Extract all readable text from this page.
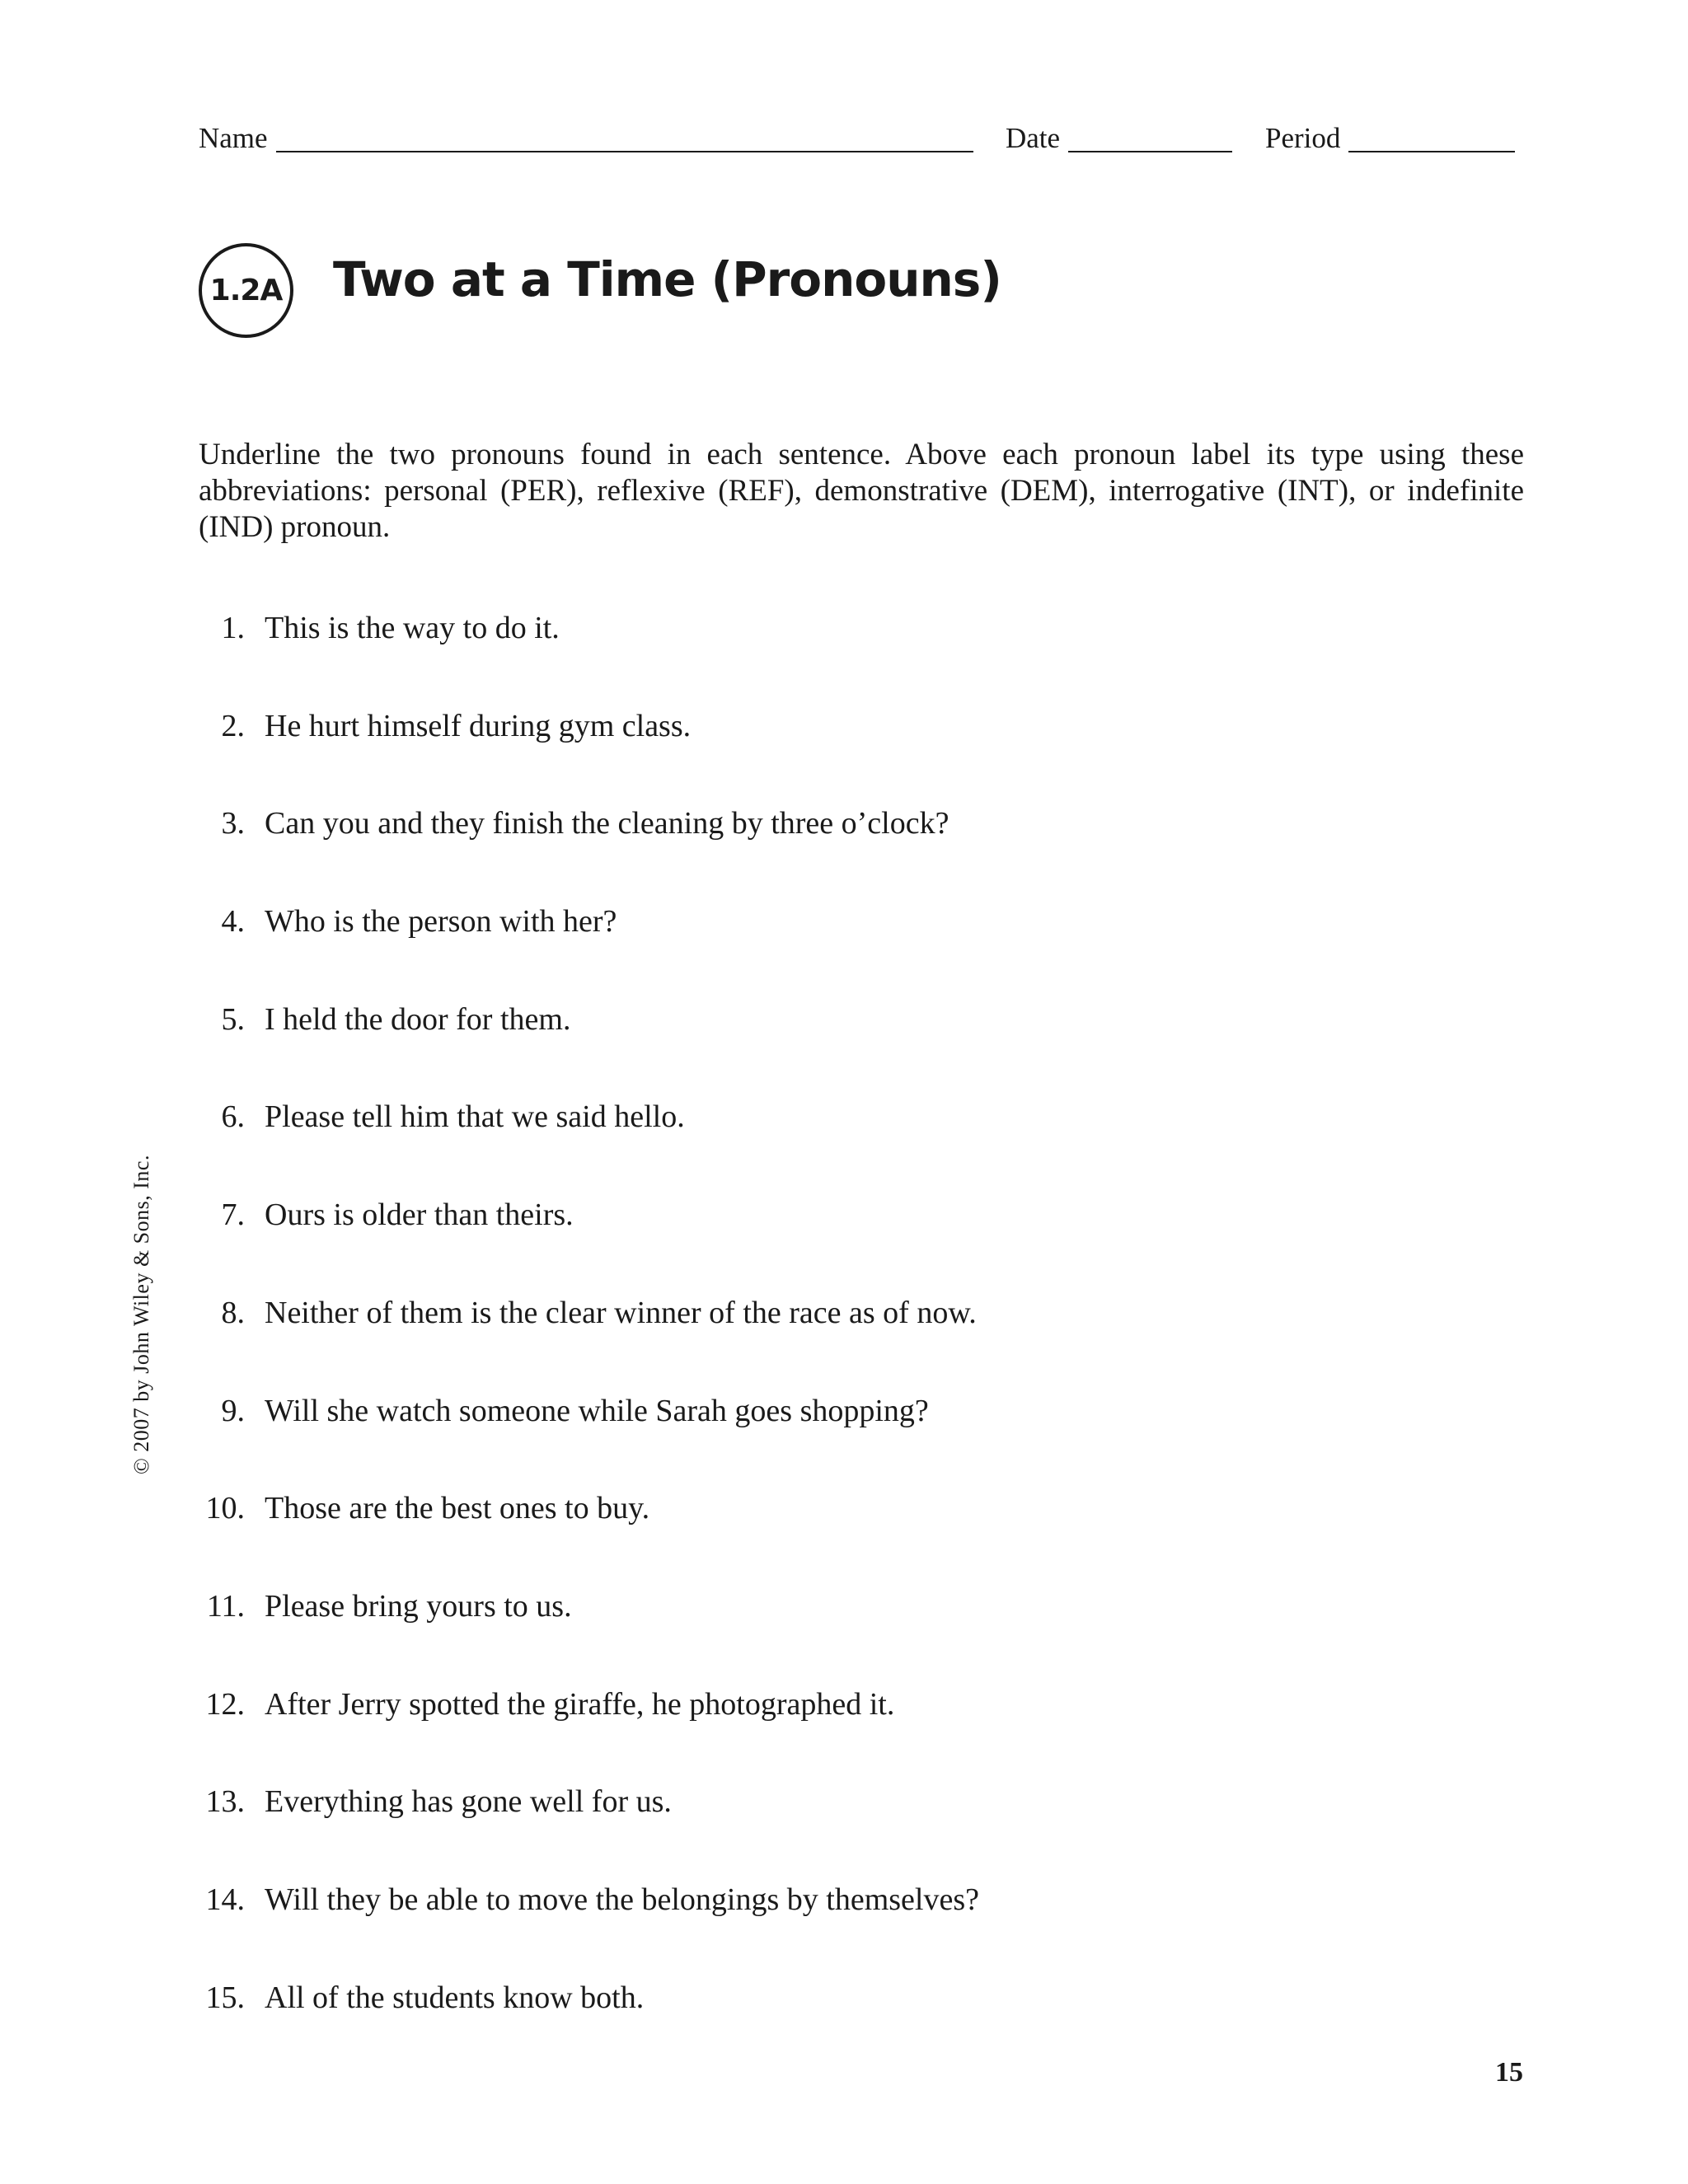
Name	Date	Period
1.2A Two at a Time (Pronouns)
Underline the two pronouns found in each sentence. Above each pronoun label its type using these abbreviations: personal (PER), reflexive (REF), demonstrative (DEM), interrogative (INT), or indefinite (IND) pronoun.
1. This is the way to do it.
2. He hurt himself during gym class.
3. Can you and they finish the cleaning by three o’clock?
4. Who is the person with her?
5. I held the door for them.
6. Please tell him that we said hello.
7. Ours is older than theirs.
8. Neither of them is the clear winner of the race as of now.
9. Will she watch someone while Sarah goes shopping?
10. Those are the best ones to buy.
11. Please bring yours to us.
12. After Jerry spotted the giraffe, he photographed it.
13. Everything has gone well for us.
14. Will they be able to move the belongings by themselves?
15. All of the students know both.
© 2007 by John Wiley & Sons, Inc.
15
